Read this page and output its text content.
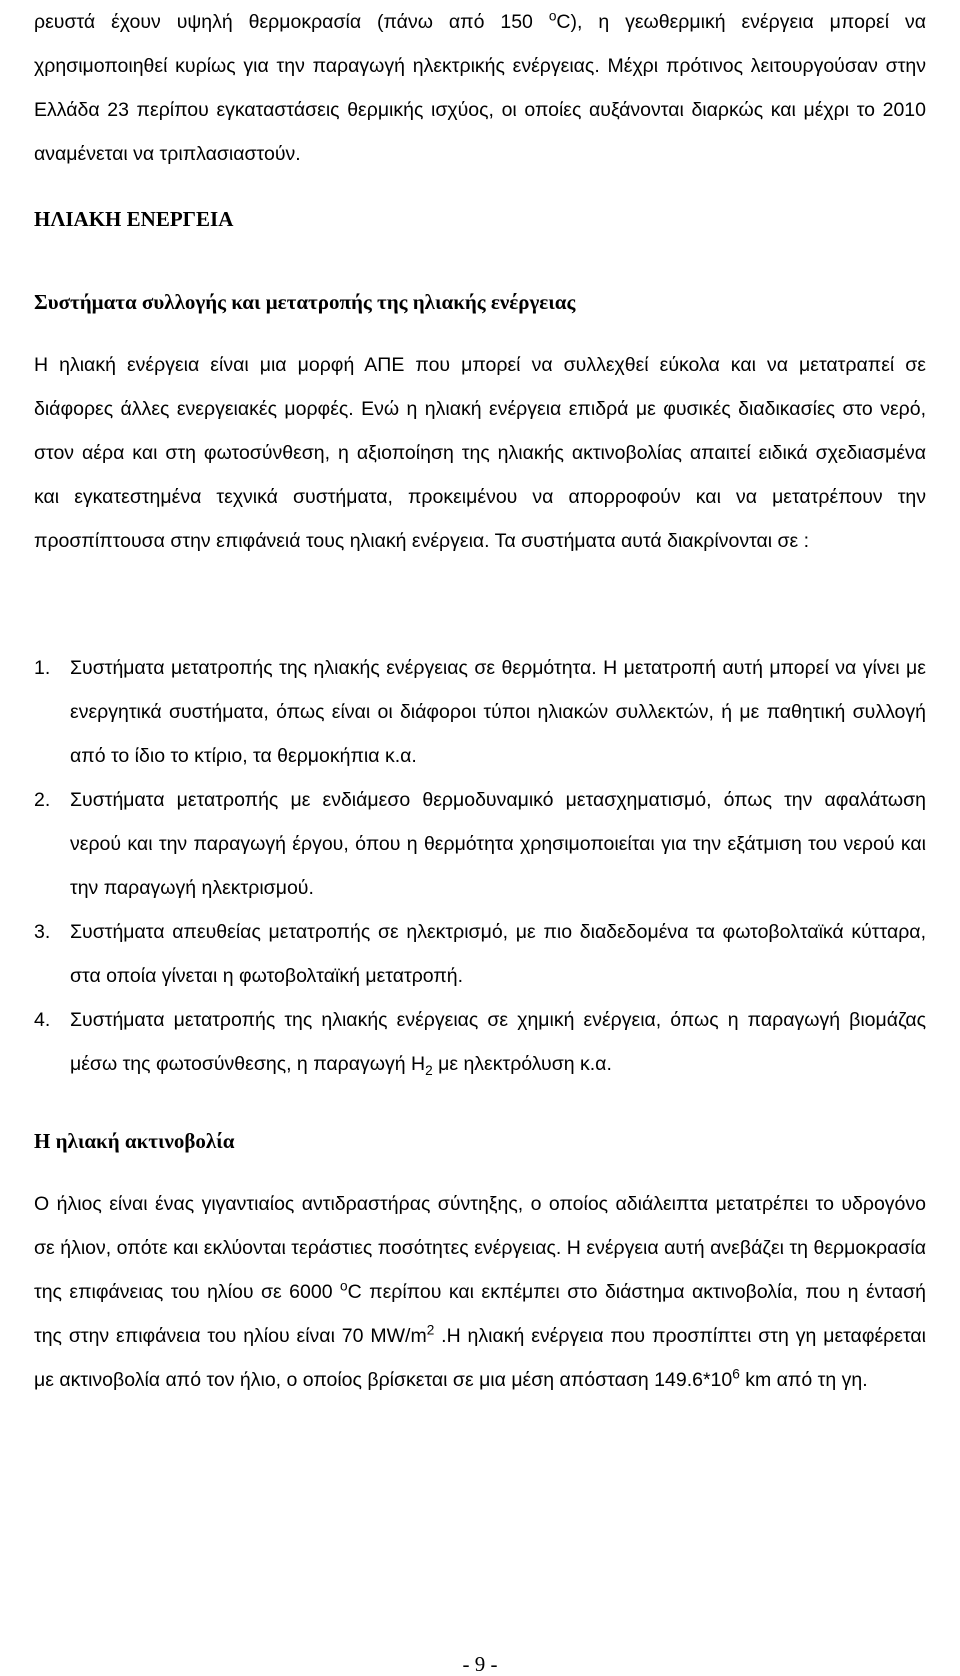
ρευστά έχουν υψηλή θερμοκρασία (πάνω από 150 $^o$C), η γεωθερμική ενέργεια μπορεί να χρησιμοποιηθεί κυρίως για την παραγωγή ηλεκτρικής ενέργειας. Μέχρι πρότινος λειτουργούσαν στην Ελλάδα 23 περίπου εγκαταστάσεις θερμικής ισχύος, οι οποίες αυξάνονται διαρκώς και μέχρι το 2010 αναμένεται να τριπλασιαστούν.

ΗΛΙΑΚΗ ΕΝΕΡΓΕΙΑ
Συστήματα συλλογής και μετατροπής της ηλιακής ενέργειας

Η ηλιακή ενέργεια είναι μια μορφή ΑΠΕ που μπορεί να συλλεχθεί εύκολα και να μετατραπεί σε διάφορες άλλες ενεργειακές μορφές. Ενώ η ηλιακή ενέργεια επιδρά με φυσικές διαδικασίες στο νερό, στον αέρα και στη φωτοσύνθεση, η αξιοποίηση της ηλιακής ακτινοβολίας απαιτεί ειδικά σχεδιασμένα και εγκατεστημένα τεχνικά συστήματα, προκειμένου να απορροφούν και να μετατρέπουν την προσπίπτουσα στην επιφάνειά τους ηλιακή ενέργεια. Τα συστήματα αυτά διακρίνονται σε :

1. Συστήματα μετατροπής της ηλιακής ενέργειας σε θερμότητα. Η μετατροπή αυτή μπορεί να γίνει με ενεργητικά συστήματα, όπως είναι οι διάφοροι τύποι ηλιακών συλλεκτών, ή με παθητική συλλογή από το ίδιο το κτίριο, τα θερμοκήπια κ.α.
2. Συστήματα μετατροπής με ενδιάμεσο θερμοδυναμικό μετασχηματισμό, όπως την αφαλάτωση νερού και την παραγωγή έργου, όπου η θερμότητα χρησιμοποιείται για την εξάτμιση του νερού και την παραγωγή ηλεκτρισμού.
3. Συστήματα απευθείας μετατροπής σε ηλεκτρισμό, με πιο διαδεδομένα τα φωτοβολταϊκά κύτταρα, στα οποία γίνεται η φωτοβολταϊκή μετατροπή.
4. Συστήματα μετατροπής της ηλιακής ενέργειας σε χημική ενέργεια, όπως η παραγωγή βιομάζας μέσω της φωτοσύνθεσης, η παραγωγή $H_2$ με ηλεκτρόλυση κ.α.
Η ηλιακή ακτινοβολία

Ο ήλιος είναι ένας γιγαντιαίος αντιδραστήρας σύντηξης, ο οποίος αδιάλειπτα μετατρέπει το υδρογόνο σε ήλιον, οπότε και εκλύονται τεράστιες ποσότητες ενέργειας. Η ενέργεια αυτή ανεβάζει τη θερμοκρασία της επιφάνειας του ηλίου σε 6000 $^o$C περίπου και εκπέμπει στο διάστημα ακτινοβολία, που η έντασή της στην επιφάνεια του ηλίου είναι 70 $MW/m^2$ .Η ηλιακή ενέργεια που προσπίπτει στη γη μεταφέρεται με ακτινοβολία από τον ήλιο, ο οποίος βρίσκεται σε μια μέση απόσταση $149.6*10^6$ km από τη γη.

- 9 -
